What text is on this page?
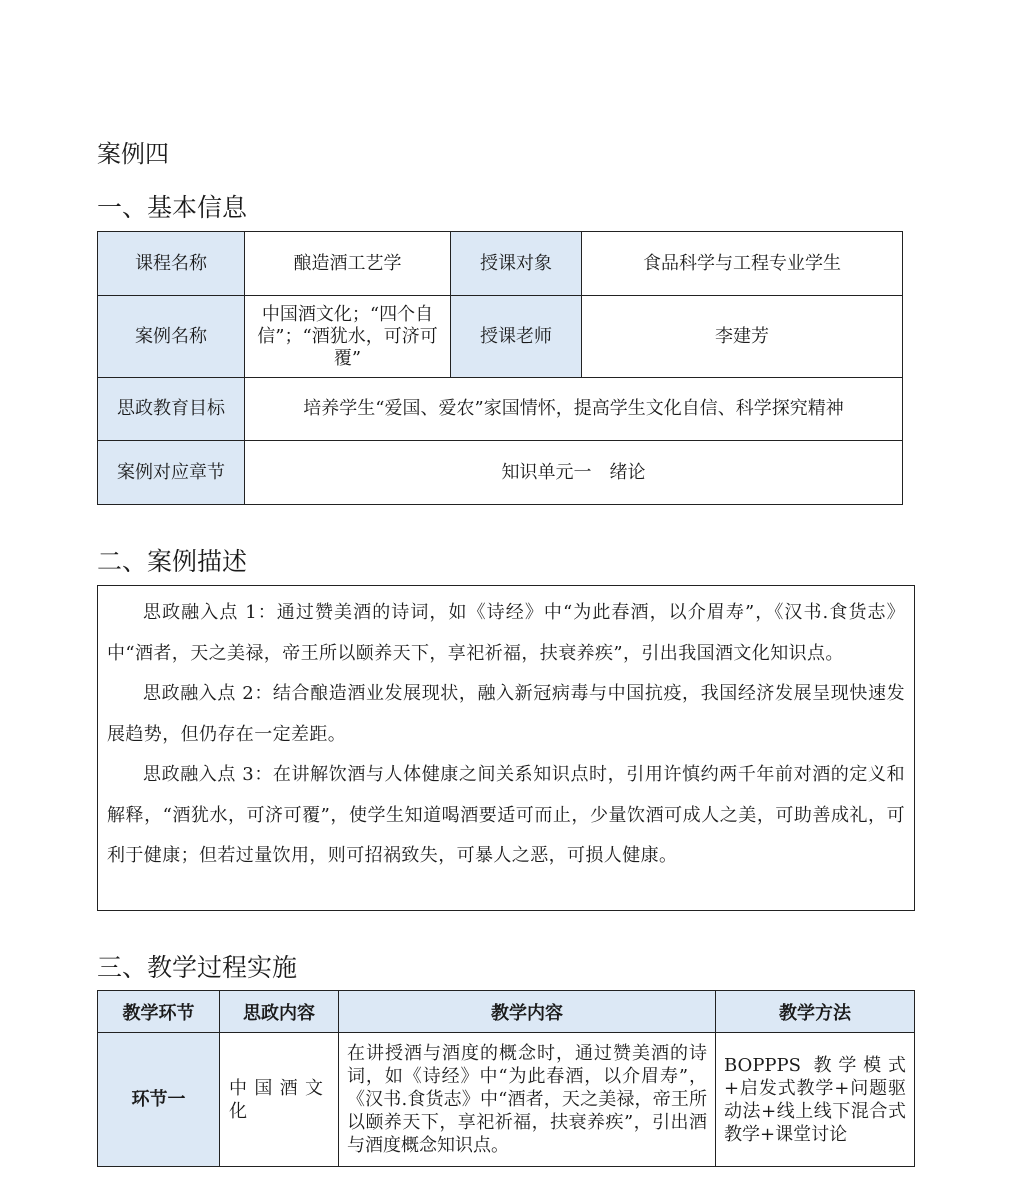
案例四
一、基本信息
课程名称	酿造酒工艺学	授课对象	食品科学与工程专业学生
案例名称	中国酒文化；“四个自信”；“酒犹水，可济可覆”	授课老师	李建芳
思政教育目标	培养学生“爱国、爱农”家国情怀，提高学生文化自信、科学探究精神		
案例对应章节	知识单元一　绪论		
二、案例描述

思政融入点 1：通过赞美酒的诗词，如《诗经》中“为此春酒，以介眉寿”，《汉书.食货志》中“酒者，天之美禄，帝王所以颐养天下，享祀祈福，扶衰养疾”，引出我国酒文化知识点。

思政融入点 2：结合酿造酒业发展现状，融入新冠病毒与中国抗疫，我国经济发展呈现快速发展趋势，但仍存在一定差距。

思政融入点 3：在讲解饮酒与人体健康之间关系知识点时，引用许慎约两千年前对酒的定义和解释，“酒犹水，可济可覆”，使学生知道喝酒要适可而止，少量饮酒可成人之美，可助善成礼，可利于健康；但若过量饮用，则可招祸致失，可暴人之恶，可损人健康。

三、教学过程实施
教学环节	思政内容	教学内容	教学方法
环节一	中国酒文化	在讲授酒与酒度的概念时，通过赞美酒的诗词，如《诗经》中“为此春酒，以介眉寿”，《汉书.食货志》中“酒者，天之美禄，帝王所以颐养天下，享祀祈福，扶衰养疾”，引出酒与酒度概念知识点。	BOPPPS 教学模式+启发式教学+问题驱动法+线上线下混合式教学+课堂讨论
